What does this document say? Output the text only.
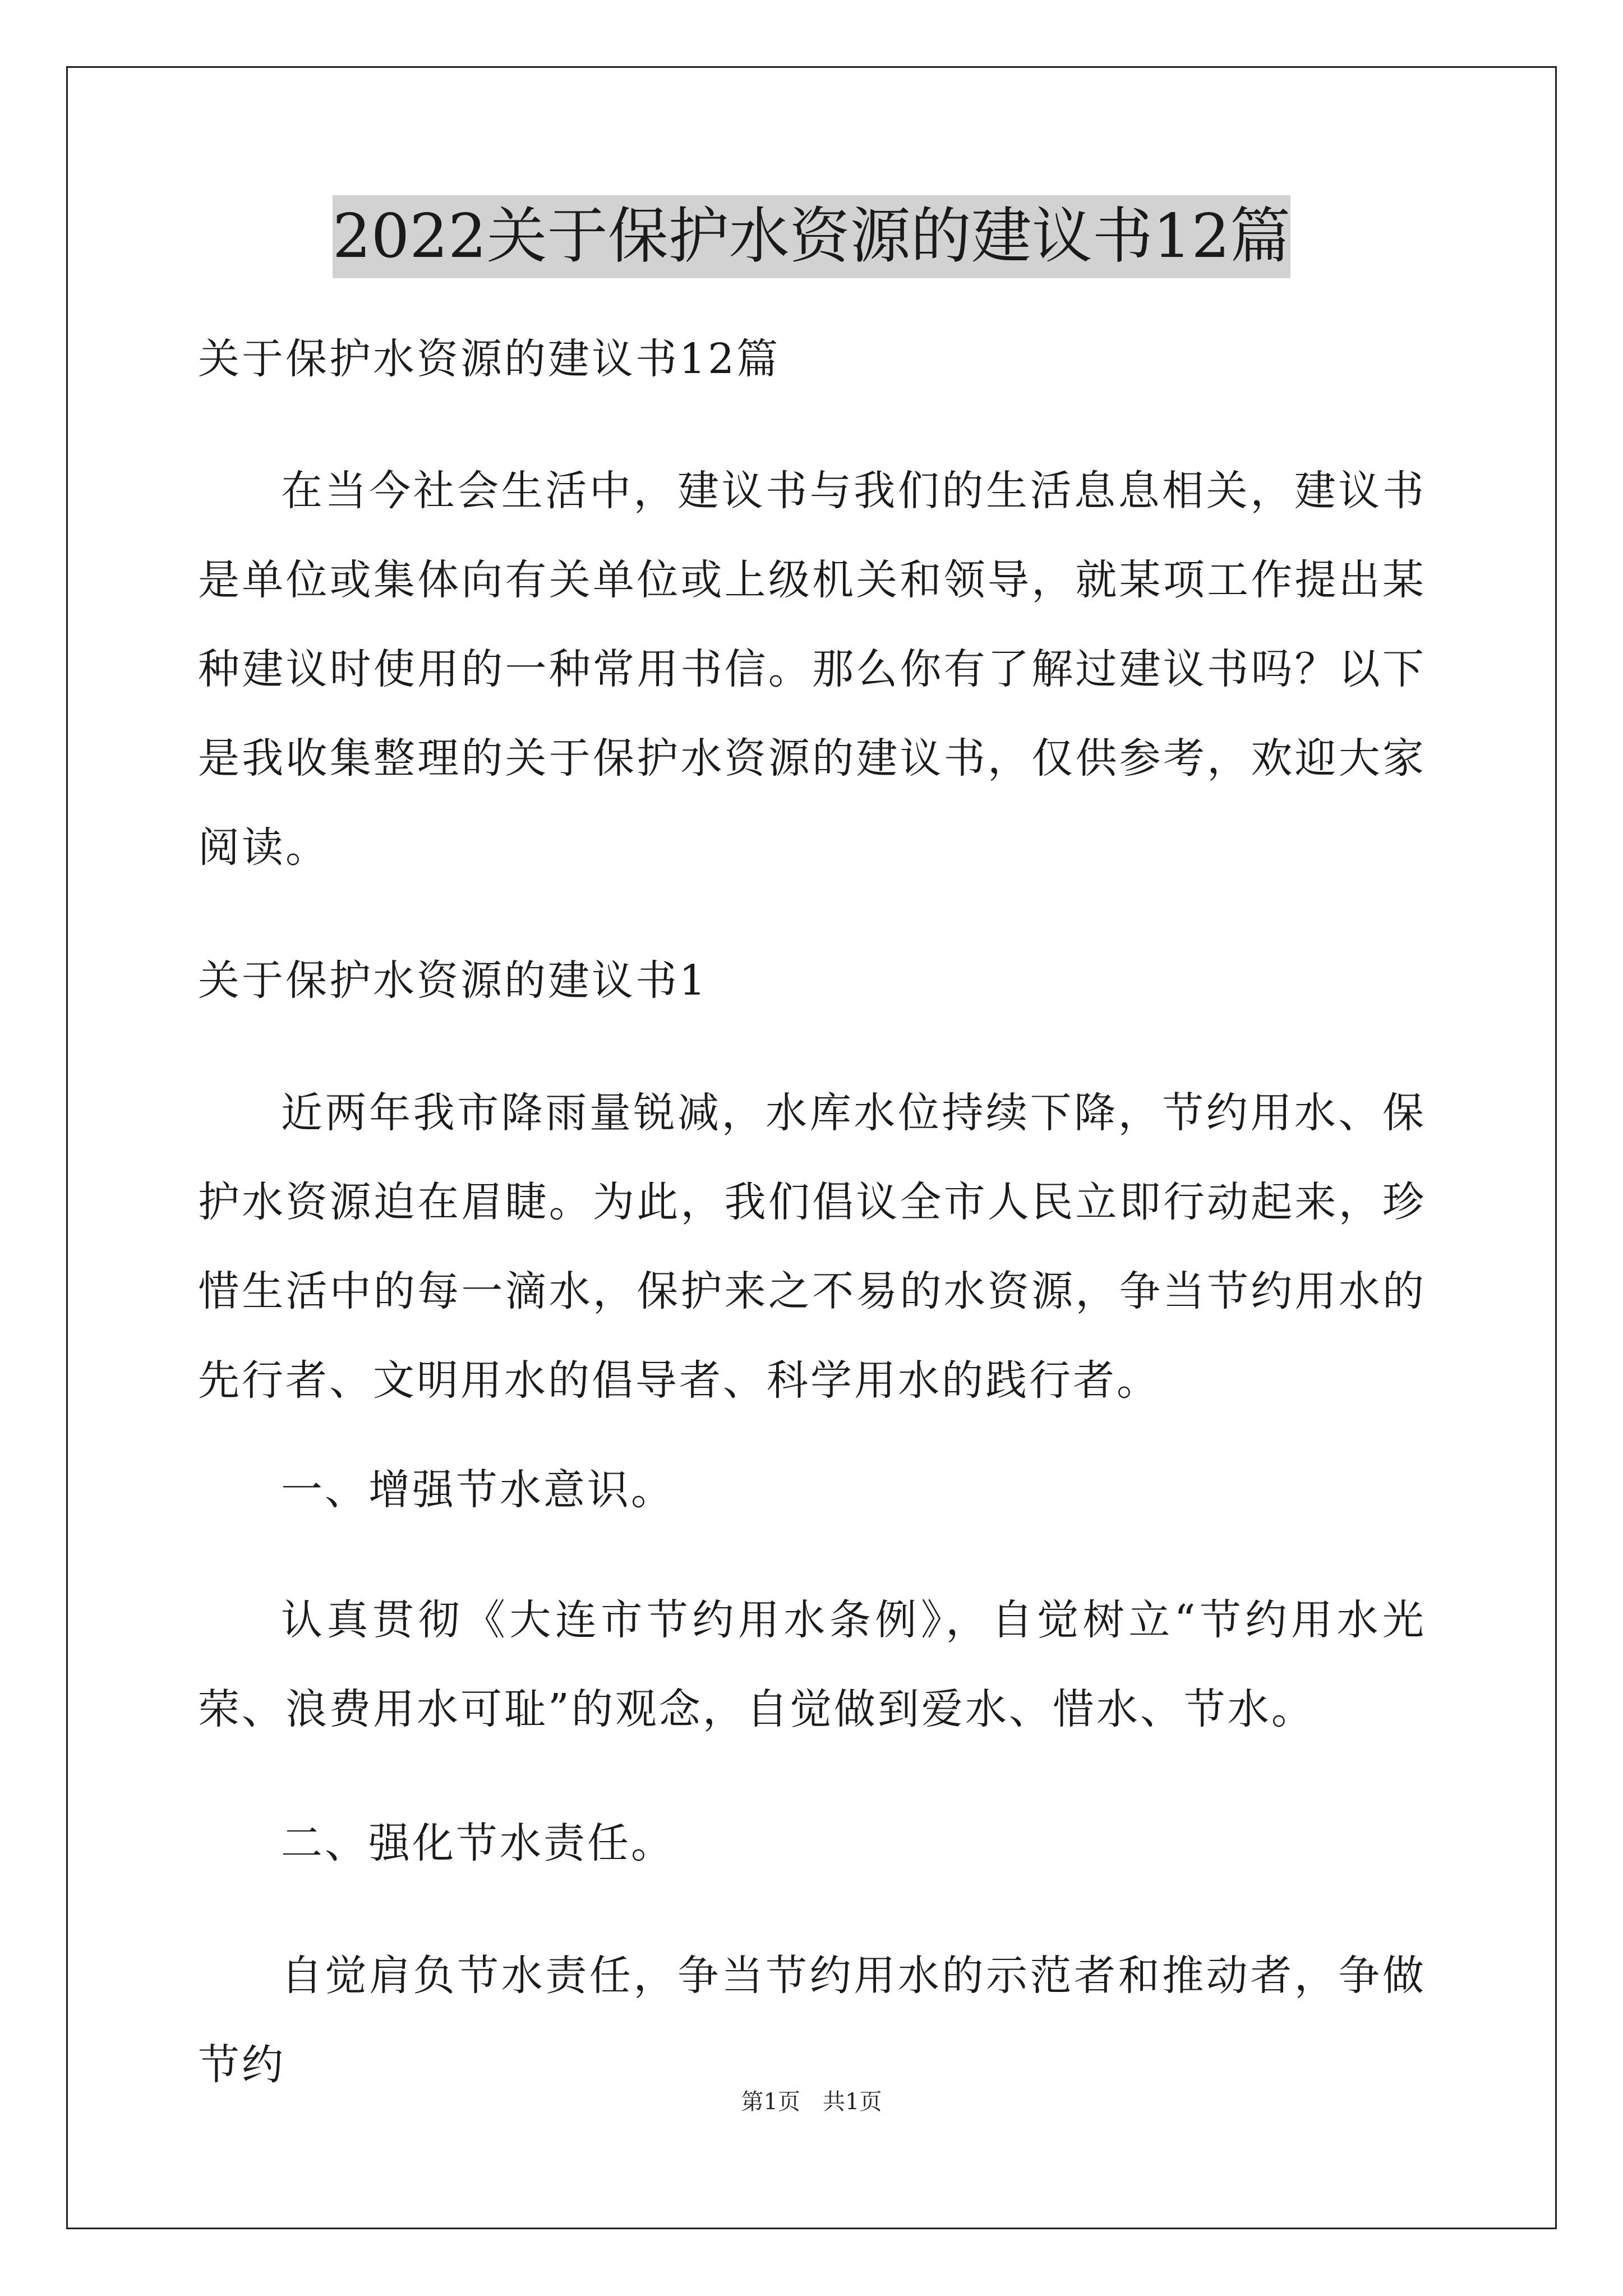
2022关于保护水资源的建议书12篇

关于保护水资源的建议书12篇

在当今社会生活中，建议书与我们的生活息息相关，建议书是单位或集体向有关单位或上级机关和领导，就某项工作提出某种建议时使用的一种常用书信。那么你有了解过建议书吗？以下是我收集整理的关于保护水资源的建议书，仅供参考，欢迎大家阅读。

关于保护水资源的建议书1

近两年我市降雨量锐减，水库水位持续下降，节约用水、保护水资源迫在眉睫。为此，我们倡议全市人民立即行动起来，珍惜生活中的每一滴水，保护来之不易的水资源，争当节约用水的先行者、文明用水的倡导者、科学用水的践行者。

一、增强节水意识。

认真贯彻《大连市节约用水条例》，自觉树立“节约用水光荣、浪费用水可耻”的观念，自觉做到爱水、惜水、节水。

二、强化节水责任。

自觉肩负节水责任，争当节约用水的示范者和推动者，争做节约

第1页　共1页
